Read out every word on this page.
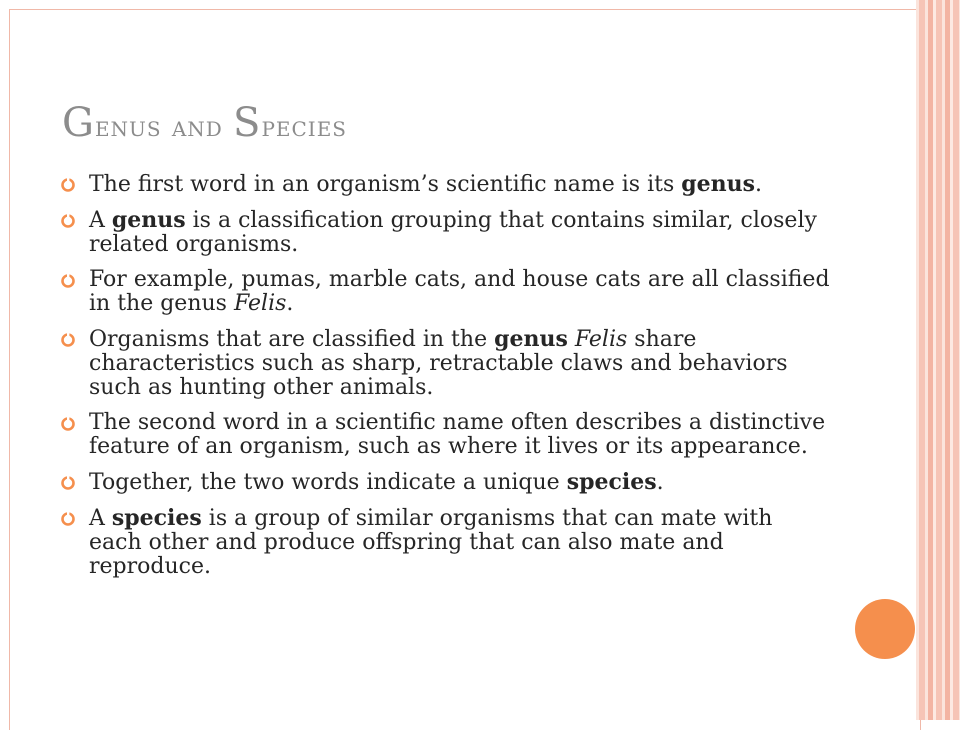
Genus and Species
The first word in an organism’s scientific name is its genus.
A genus is a classification grouping that contains similar, closely related organisms.
For example, pumas, marble cats, and house cats are all classified in the genus Felis.
Organisms that are classified in the genus Felis share characteristics such as sharp, retractable claws and behaviors such as hunting other animals.
The second word in a scientific name often describes a distinctive feature of an organism, such as where it lives or its appearance.
Together, the two words indicate a unique species.
A species is a group of similar organisms that can mate with each other and produce offspring that can also mate and reproduce.
